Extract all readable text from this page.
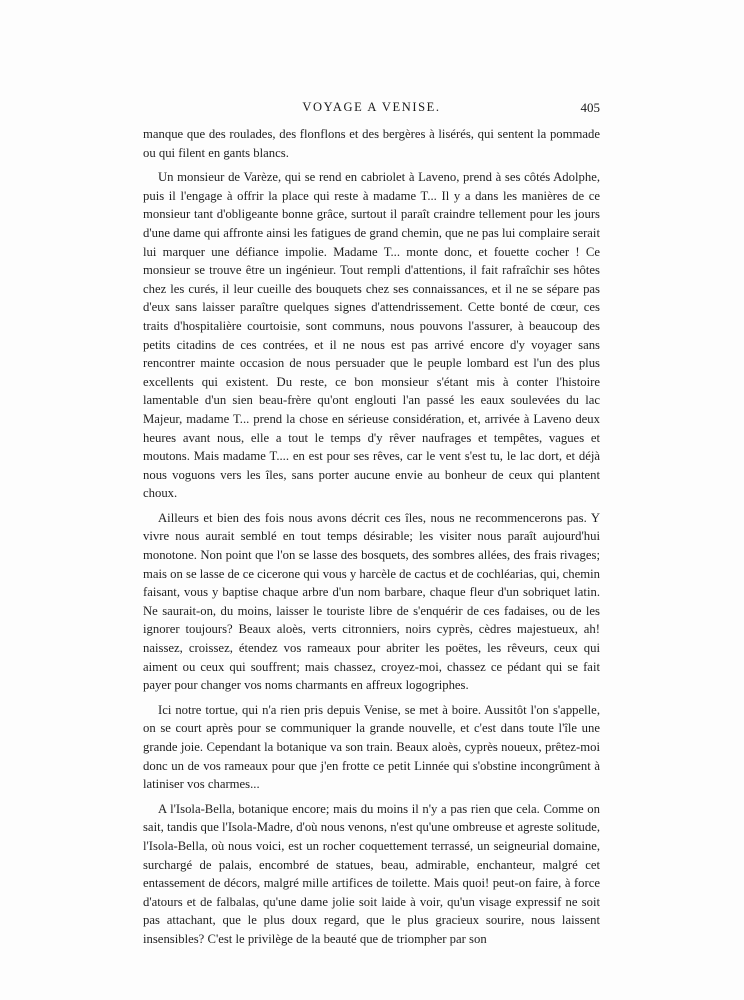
VOYAGE A VENISE.	405

manque que des roulades, des flonflons et des bergères à lisérés, qui sentent la pommade ou qui filent en gants blancs.

Un monsieur de Varèze, qui se rend en cabriolet à Laveno, prend à ses côtés Adolphe, puis il l'engage à offrir la place qui reste à madame T... Il y a dans les manières de ce monsieur tant d'obligeante bonne grâce, surtout il paraît craindre tellement pour les jours d'une dame qui affronte ainsi les fatigues de grand chemin, que ne pas lui complaire serait lui marquer une défiance impolie. Madame T... monte donc, et fouette cocher ! Ce monsieur se trouve être un ingénieur. Tout rempli d'attentions, il fait rafraîchir ses hôtes chez les curés, il leur cueille des bouquets chez ses connaissances, et il ne se sépare pas d'eux sans laisser paraître quelques signes d'attendrissement. Cette bonté de cœur, ces traits d'hospitalière courtoisie, sont communs, nous pouvons l'assurer, à beaucoup des petits citadins de ces contrées, et il ne nous est pas arrivé encore d'y voyager sans rencontrer mainte occasion de nous persuader que le peuple lombard est l'un des plus excellents qui existent. Du reste, ce bon monsieur s'étant mis à conter l'histoire lamentable d'un sien beau-frère qu'ont englouti l'an passé les eaux soulevées du lac Majeur, madame T... prend la chose en sérieuse considération, et, arrivée à Laveno deux heures avant nous, elle a tout le temps d'y rêver naufrages et tempêtes, vagues et moutons. Mais madame T.... en est pour ses rêves, car le vent s'est tu, le lac dort, et déjà nous voguons vers les îles, sans porter aucune envie au bonheur de ceux qui plantent choux.

Ailleurs et bien des fois nous avons décrit ces îles, nous ne recommencerons pas. Y vivre nous aurait semblé en tout temps désirable; les visiter nous paraît aujourd'hui monotone. Non point que l'on se lasse des bosquets, des sombres allées, des frais rivages; mais on se lasse de ce cicerone qui vous y harcèle de cactus et de cochléarias, qui, chemin faisant, vous y baptise chaque arbre d'un nom barbare, chaque fleur d'un sobriquet latin. Ne saurait-on, du moins, laisser le touriste libre de s'enquérir de ces fadaises, ou de les ignorer toujours? Beaux aloès, verts citronniers, noirs cyprès, cèdres majestueux, ah! naissez, croissez, étendez vos rameaux pour abriter les poëtes, les rêveurs, ceux qui aiment ou ceux qui souffrent; mais chassez, croyez-moi, chassez ce pédant qui se fait payer pour changer vos noms charmants en affreux logogriphes.

Ici notre tortue, qui n'a rien pris depuis Venise, se met à boire. Aussitôt l'on s'appelle, on se court après pour se communiquer la grande nouvelle, et c'est dans toute l'île une grande joie. Cependant la botanique va son train. Beaux aloès, cyprès noueux, prêtez-moi donc un de vos rameaux pour que j'en frotte ce petit Linnée qui s'obstine incongrûment à latiniser vos charmes...

A l'Isola-Bella, botanique encore; mais du moins il n'y a pas rien que cela. Comme on sait, tandis que l'Isola-Madre, d'où nous venons, n'est qu'une ombreuse et agreste solitude, l'Isola-Bella, où nous voici, est un rocher coquettement terrassé, un seigneurial domaine, surchargé de palais, encombré de statues, beau, admirable, enchanteur, malgré cet entassement de décors, malgré mille artifices de toilette. Mais quoi! peut-on faire, à force d'atours et de falbalas, qu'une dame jolie soit laide à voir, qu'un visage expressif ne soit pas attachant, que le plus doux regard, que le plus gracieux sourire, nous laissent insensibles? C'est le privilège de la beauté que de triompher par son
